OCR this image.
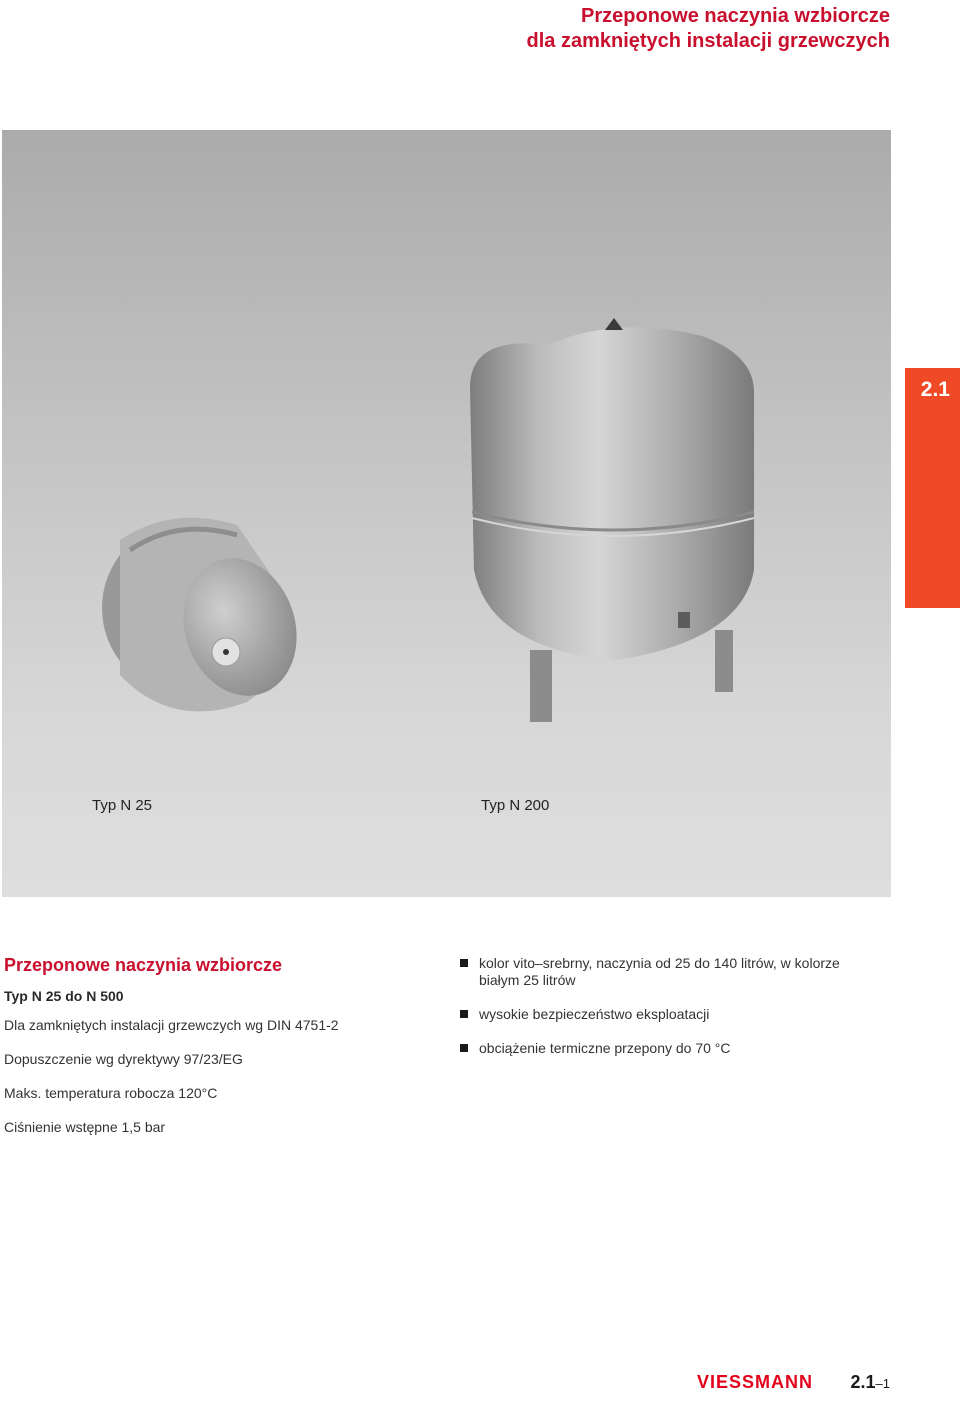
Przeponowe naczynia wzbiorcze
dla zamkniętych instalacji grzewczych
Typ N 25	Typ N 200
2.1
Przeponowe naczynia wzbiorcze
Typ N 25 do N 500
Dla zamkniętych instalacji grzewczych wg DIN 4751-2
Dopuszczenie wg dyrektywy 97/23/EG
Maks. temperatura robocza 120°C
Ciśnienie wstępne 1,5 bar
kolor vito–srebrny, naczynia od 25 do 140 litrów, w kolorze białym 25 litrów
wysokie bezpieczeństwo eksploatacji
obciążenie termiczne przepony do 70 °C
VIESSMANN 2.1–1
